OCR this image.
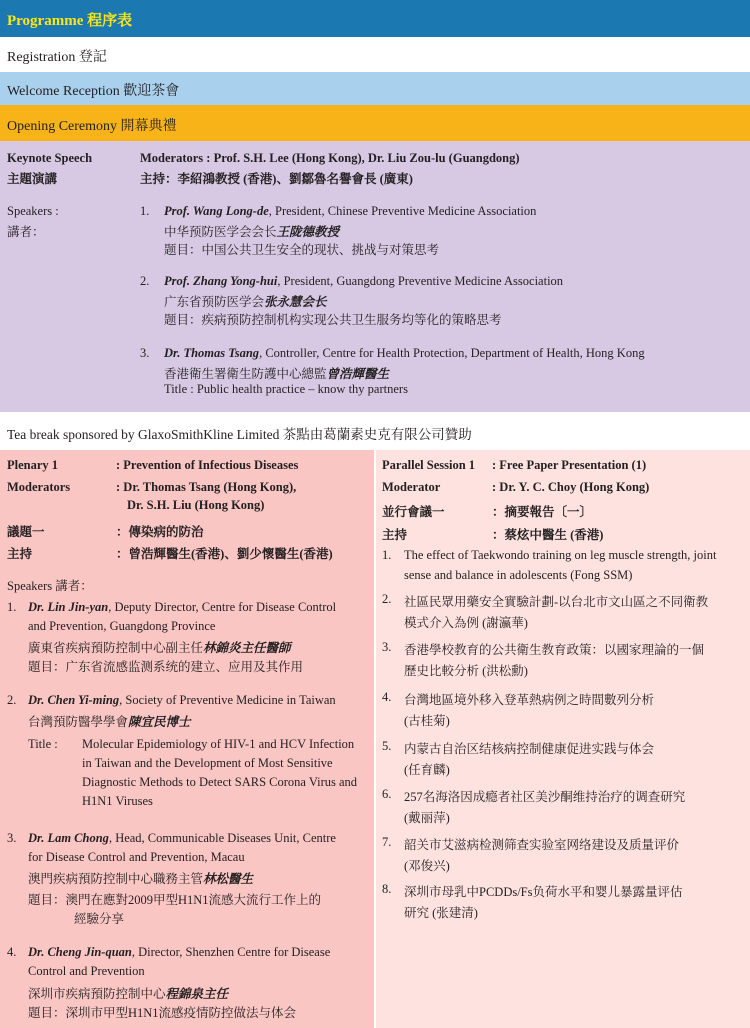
Programme 程序表
Registration 登記
Welcome Reception 歡迎茶會
Opening Ceremony 開幕典禮
Keynote Speech
主題演講
Moderators : Prof. S.H. Lee (Hong Kong), Dr. Liu Zou-lu (Guangdong)
主持：李紹鴻教授 (香港)、劉鄒魯名譽會長 (廣東)
Speakers :
講者：
1. Prof. Wang Long-de, President, Chinese Preventive Medicine Association
中华预防医学会会长王陇德教授
题目：中国公共卫生安全的现状、挑战与对策思考
2. Prof. Zhang Yong-hui, President, Guangdong Preventive Medicine Association
广东省预防医学会张永慧会长
题目：疾病预防控制机构实现公共卫生服务均等化的策略思考
3. Dr. Thomas Tsang, Controller, Centre for Health Protection, Department of Health, Hong Kong
香港衛生署衛生防護中心總監曾浩輝醫生
Title : Public health practice – know thy partners
Tea break sponsored by GlaxoSmithKline Limited 茶點由葛蘭素史克有限公司贊助
Plenary 1	: Prevention of Infectious Diseases
Moderators	: Dr. Thomas Tsang (Hong Kong),
Dr. S.H. Liu (Hong Kong)
議題一	：傳染病的防治
主持	：曾浩輝醫生(香港)、劉少懷醫生(香港)
Speakers 講者：
1. Dr. Lin Jin-yan, Deputy Director, Centre for Disease Control
and Prevention, Guangdong Province
廣東省疾病預防控制中心副主任林錦炎主任醫師
題目：广东省流感监测系统的建立、应用及其作用
2. Dr. Chen Yi-ming, Society of Preventive Medicine in Taiwan
台灣預防醫學學會陳宜民博士
Title : Molecular Epidemiology of HIV-1 and HCV Infection
in Taiwan and the Development of Most Sensitive
Diagnostic Methods to Detect SARS Corona Virus and
H1N1 Viruses
3. Dr. Lam Chong, Head, Communicable Diseases Unit, Centre
for Disease Control and Prevention, Macau
澳門疾病預防控制中心職務主管林松醫生
題目：澳門在應對2009甲型H1N1流感大流行工作上的
經驗分享
4. Dr. Cheng Jin-quan, Director, Shenzhen Centre for Disease
Control and Prevention
深圳市疾病預防控制中心程錦泉主任
題目：深圳市甲型H1N1流感疫情防控做法与体会
Parallel Session 1 : Free Paper Presentation (1)
Moderator	: Dr. Y. C. Choy (Hong Kong)
並行會議一	：摘要報告〔一〕
主持	：蔡炫中醫生 (香港)
1. The effect of Taekwondo training on leg muscle strength, joint
sense and balance in adolescents (Fong SSM)
2. 社區民眾用藥安全實驗計劃-以台北市文山區之不同衛教
模式介入為例 (謝瀛華)
3. 香港學校教育的公共衛生教育政策：以國家理論的一個
歷史比較分析 (洪松勳)
4. 台灣地區境外移入登革熱病例之時間數列分析
(古桂菊)
5. 内蒙古自治区结核病控制健康促进实践与体会
(任育麟)
6. 257名海洛因成瘾者社区美沙酮维持治疗的调查研究
(戴丽萍)
7. 韶关市艾滋病检测筛查实验室网络建设及质量评价
(邓俊兴)
8. 深圳市母乳中PCDDs/Fs负荷水平和婴儿暴露量评估
研究 (张建清)
